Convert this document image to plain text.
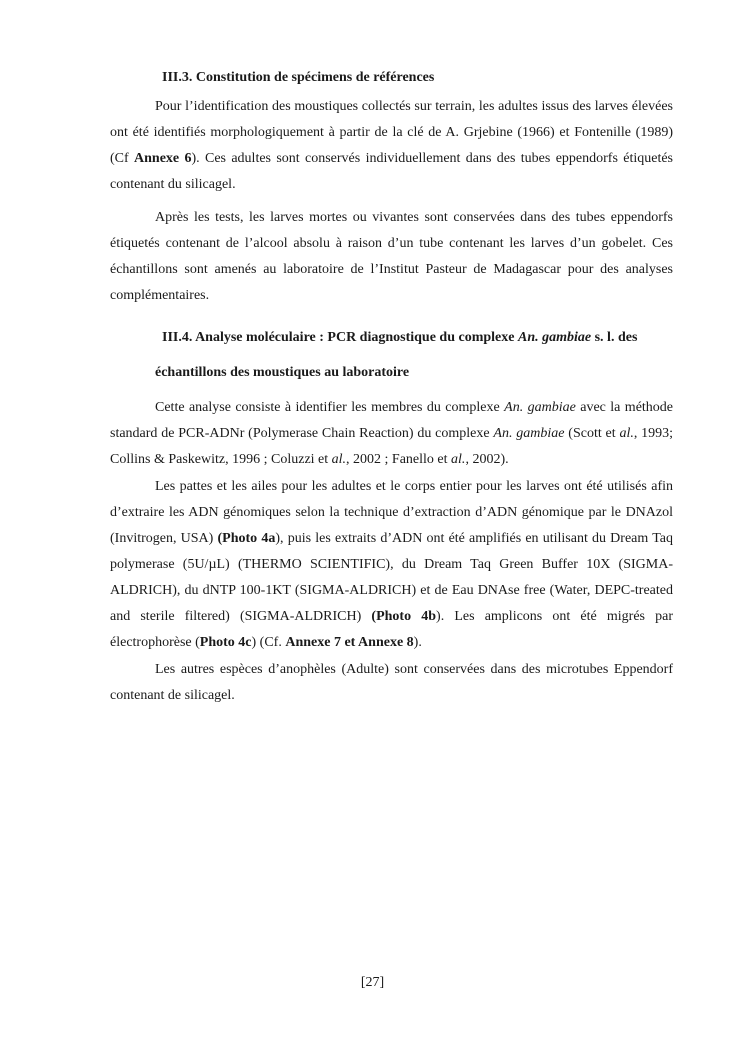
III.3. Constitution de spécimens de références

Pour l’identification des moustiques collectés sur terrain, les adultes issus des larves élevées ont été identifiés morphologiquement à partir de la clé de A. Grjebine (1966) et Fontenille (1989) (Cf Annexe 6). Ces adultes sont conservés individuellement dans des tubes eppendorfs étiquetés contenant du silicagel.

Après les tests, les larves mortes ou vivantes sont conservées dans des tubes eppendorfs étiquetés contenant de l’alcool absolu à raison d’un tube contenant les larves d’un gobelet. Ces échantillons sont amenés au laboratoire de l’Institut Pasteur de Madagascar pour des analyses complémentaires.

III.4. Analyse moléculaire : PCR diagnostique du complexe An. gambiae s. l. des

échantillons des moustiques au laboratoire

Cette analyse consiste à identifier les membres du complexe An. gambiae avec la méthode standard de PCR-ADNr (Polymerase Chain Reaction) du complexe An. gambiae (Scott et al., 1993; Collins & Paskewitz, 1996 ; Coluzzi et al., 2002 ; Fanello et al., 2002).

Les pattes et les ailes pour les adultes et le corps entier pour les larves ont été utilisés afin d’extraire les ADN génomiques selon la technique d’extraction d’ADN génomique par le DNAzol (Invitrogen, USA) (Photo 4a), puis les extraits d’ADN ont été amplifiés en utilisant du Dream Taq polymerase (5U/µL) (THERMO SCIENTIFIC), du Dream Taq Green Buffer 10X (SIGMA-ALDRICH), du dNTP 100-1KT (SIGMA-ALDRICH) et de Eau DNAse free (Water, DEPC-treated and sterile filtered) (SIGMA-ALDRICH) (Photo 4b). Les amplicons ont été migrés par électrophorèse (Photo 4c) (Cf. Annexe 7 et Annexe 8).

Les autres espèces d’anophèles (Adulte) sont conservées dans des microtubes Eppendorf contenant de silicagel.

[27]
